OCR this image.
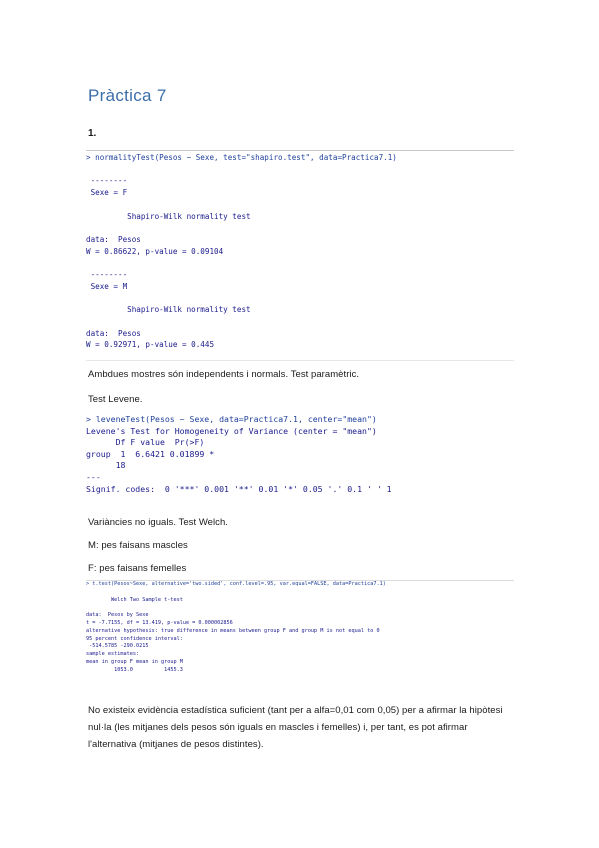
Pràctica 7
1.
> normalityTest(Pesos ~ Sexe, test="shapiro.test", data=Practica7.1)

--------
Sexe = F

Shapiro-Wilk normality test

data:  Pesos
W = 0.86622, p-value = 0.09104

--------
Sexe = M

Shapiro-Wilk normality test

data:  Pesos
W = 0.92971, p-value = 0.445
Ambdues mostres són independents i normals. Test paramètric.
Test Levene.
> leveneTest(Pesos ~ Sexe, data=Practica7.1, center="mean")
Levene's Test for Homogeneity of Variance (center = "mean")
Df F value  Pr(>F)
group  1  6.6421 0.01899 *
18
---
Signif. codes:  0 '***' 0.001 '**' 0.01 '*' 0.05 '.' 0.1 ' ' 1
Variàncies no iguals. Test Welch.
M: pes faisans mascles
F: pes faisans femelles
> t.test(Pesos~Sexe, alternative='two.sided', conf.level=.95, var.equal=FALSE, data=Practica7.1)

Welch Two Sample t-test

data:  Pesos by Sexe
t = -7.7155, df = 13.419, p-value = 0.000002856
alternative hypothesis: true difference in means between group F and group M is not equal to 0
95 percent confidence interval:
-514.5785 -290.0215
sample estimates:
mean in group F mean in group M
1053.0          1455.3
No existeix evidència estadística suficient (tant per a alfa=0,01 com 0,05) per a afirmar la hipòtesi nul·la (les mitjanes dels pesos són iguals en mascles i femelles) i, per tant, es pot afirmar l'alternativa (mitjanes de pesos distintes).
